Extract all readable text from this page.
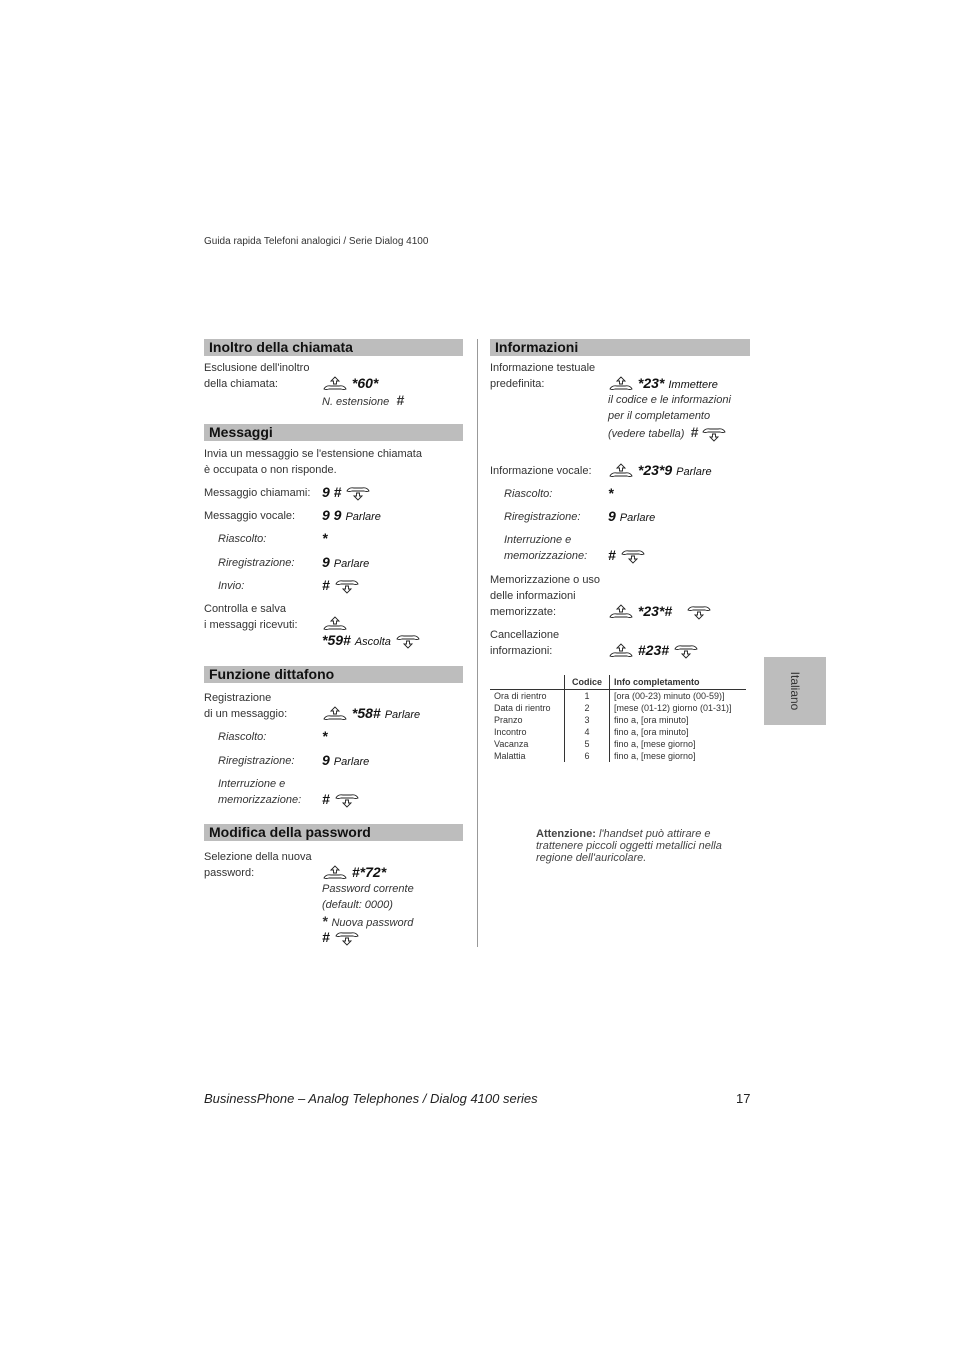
Guida rapida Telefoni analogici / Serie Dialog 4100
Inoltro della chiamata
Esclusione dell'inoltro
della chiamata:	*60*
N. estensione #
Messaggi
Invia un messaggio se l'estensione chiamata
è occupata o non risponde.
Messaggio chiamami: 9 #
Messaggio vocale: 9 9 Parlare
Riascolto:	*
Riregistrazione: 9 Parlare
Invio:	#
Controlla e salva
i messaggi ricevuti:
*59# Ascolta
Funzione dittafono
Registrazione
di un messaggio:	*58# Parlare
Riascolto:	*
Riregistrazione: 9 Parlare
Interruzione e
memorizzazione: #
Modifica della password
Selezione della nuova
password:	#*72*
Password corrente
(default: 0000)
* Nuova password
#
Informazioni
Informazione testuale
predefinita:	*23* Immettere
il codice e le informazioni
per il completamento
(vedere tabella) #
Informazione vocale:	*23*9 Parlare
Riascolto:	*
Riregistrazione: 9 Parlare
Interruzione e
memorizzazione: #
Memorizzazione o uso
delle informazioni
memorizzate:	*23*#
Cancellazione
informazioni:	#23#
	Codice	Info completamento
Ora di rientro	1	[ora (00-23) minuto (00-59)]
Data di rientro	2	[mese (01-12) giorno (01-31)]
Pranzo	3	fino a, [ora minuto]
Incontro	4	fino a, [ora minuto]
Vacanza	5	fino a, [mese giorno]
Malattia	6	fino a, [mese giorno]
Attenzione: l'handset può attirare e trattenere piccoli oggetti metallici nella regione dell'auricolare.
Italiano
BusinessPhone – Analog Telephones / Dialog 4100 series	17
